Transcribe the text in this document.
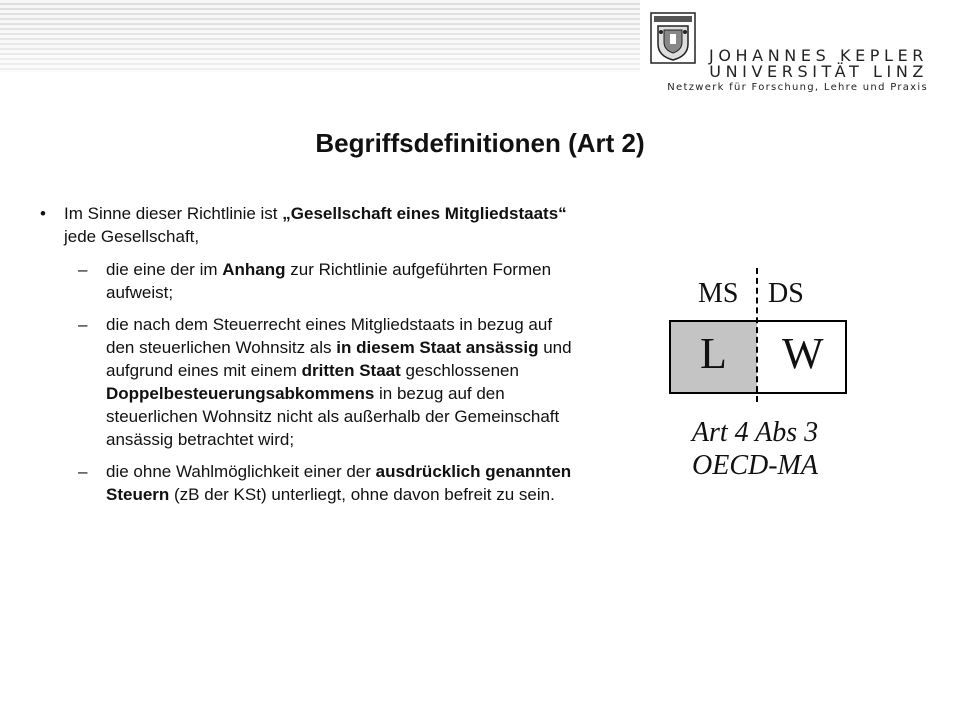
JOHANNES KEPLER
UNIVERSITÄT LINZ
Netzwerk für Forschung, Lehre und Praxis
Begriffsdefinitionen (Art 2)
• Im Sinne dieser Richtlinie ist „Gesellschaft eines Mitgliedstaats“ jede Gesellschaft,
– die eine der im Anhang zur Richtlinie aufgeführten Formen aufweist;
– die nach dem Steuerrecht eines Mitgliedstaats in bezug auf den steuerlichen Wohnsitz als in diesem Staat ansässig und aufgrund eines mit einem dritten Staat geschlossenen Doppelbesteuerungsabkommens in bezug auf den steuerlichen Wohnsitz nicht als außerhalb der Gemeinschaft ansässig betrachtet wird;
– die ohne Wahlmöglichkeit einer der ausdrücklich genannten Steuern (zB der KSt) unterliegt, ohne davon befreit zu sein.
MS DS
L W
Art 4 Abs 3
OECD-MA
